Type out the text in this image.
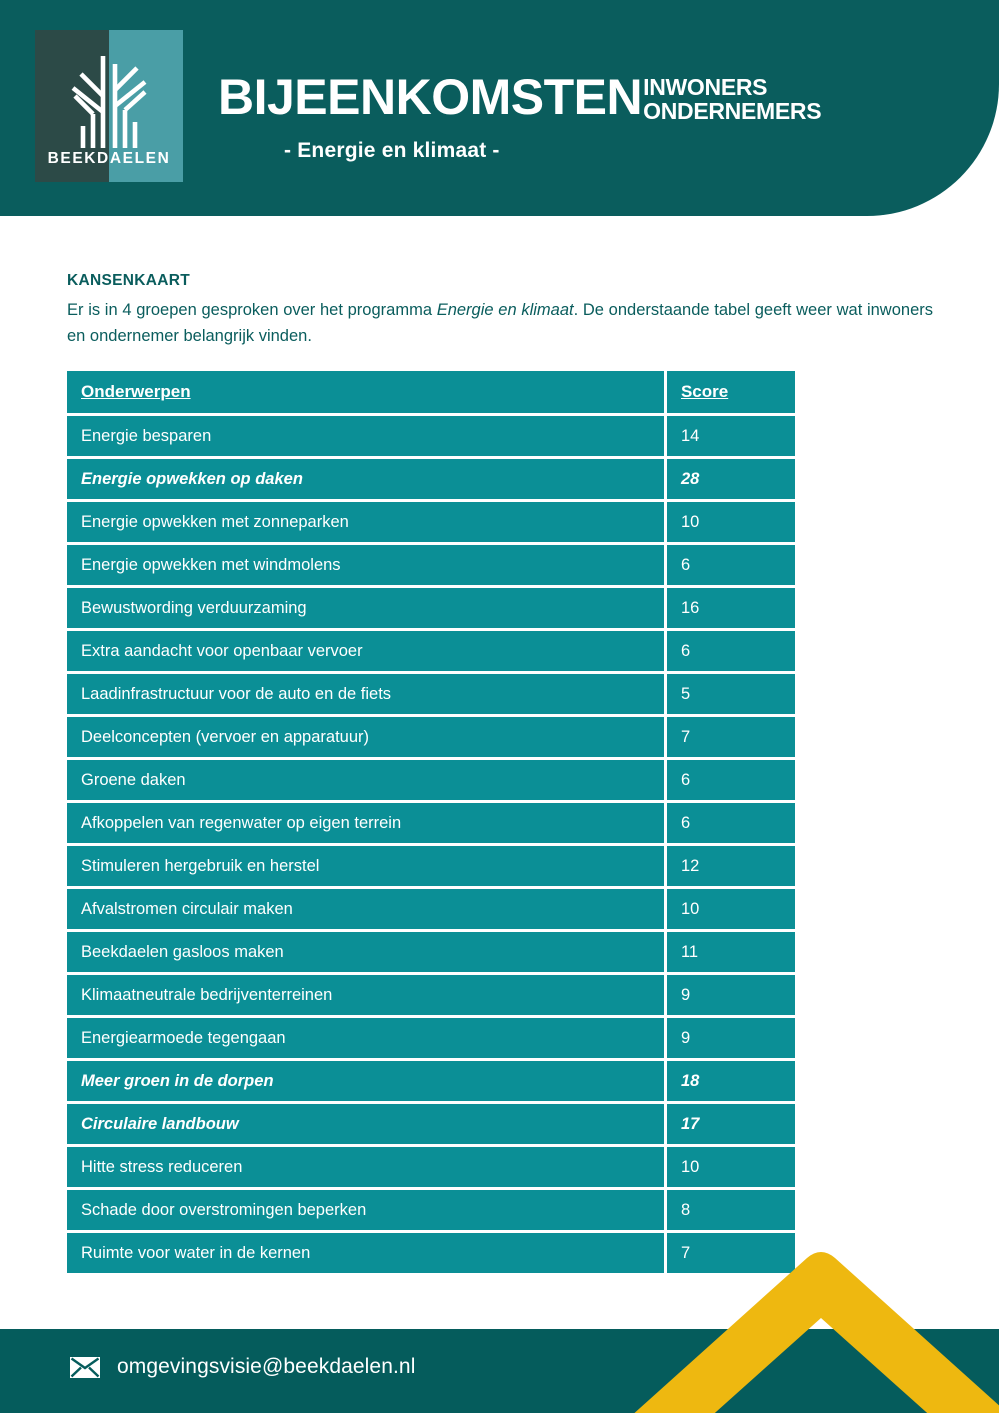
BEEKDAELEN
BIJEENKOMSTEN INWONERS
ONDERNEMERS
- Energie en klimaat -
KANSENKAART

Er is in 4 groepen gesproken over het programma Energie en klimaat. De onderstaande tabel geeft weer wat inwoners en ondernemer belangrijk vinden.

Onderwerpen	Score
Energie besparen	14
Energie opwekken op daken	28
Energie opwekken met zonneparken	10
Energie opwekken met windmolens	6
Bewustwording verduurzaming	16
Extra aandacht voor openbaar vervoer	6
Laadinfrastructuur voor de auto en de fiets	5
Deelconcepten (vervoer en apparatuur)	7
Groene daken	6
Afkoppelen van regenwater op eigen terrein	6
Stimuleren hergebruik en herstel	12
Afvalstromen circulair maken	10
Beekdaelen gasloos maken	11
Klimaatneutrale bedrijventerreinen	9
Energiearmoede tegengaan	9
Meer groen in de dorpen	18
Circulaire landbouw	17
Hitte stress reduceren	10
Schade door overstromingen beperken	8
Ruimte voor water in de kernen	7
omgevingsvisie@beekdaelen.nl
